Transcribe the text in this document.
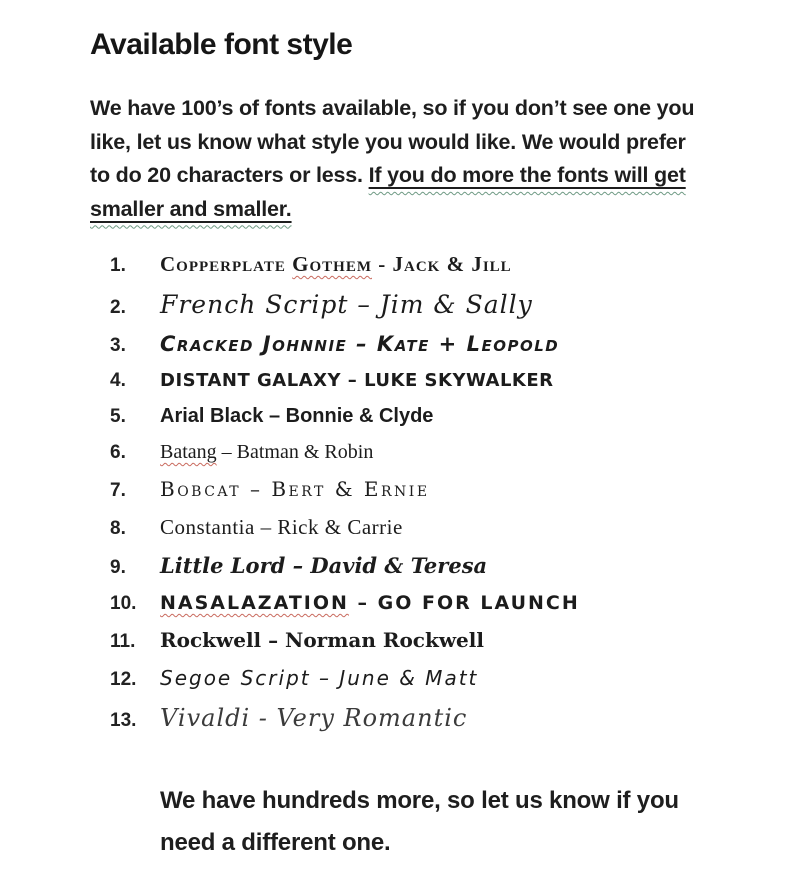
Available font style

We have 100’s of fonts available, so if you don’t see one you like, let us know what style you would like. We would prefer to do 20 characters or less. If you do more the fonts will get smaller and smaller.

1.	Copperplate Gothem - Jack & Jill
2.	French Script – Jim & Sally
3.	Cracked Johnnie – Kate + Leopold
4.	DISTANT GALAXY – LUKE SKYWALKER
5.	Arial Black – Bonnie & Clyde
6.	Batang – Batman & Robin
7.	Bobcat – Bert & Ernie
8.	Constantia – Rick & Carrie
9.	Little Lord – David & Teresa
10.	NASALAZATION – GO FOR LAUNCH
11.	Rockwell – Norman Rockwell
12.	Segoe Script – June & Matt
13. Vivaldi - Very Romantic

We have hundreds more, so let us know if you need a different one.
